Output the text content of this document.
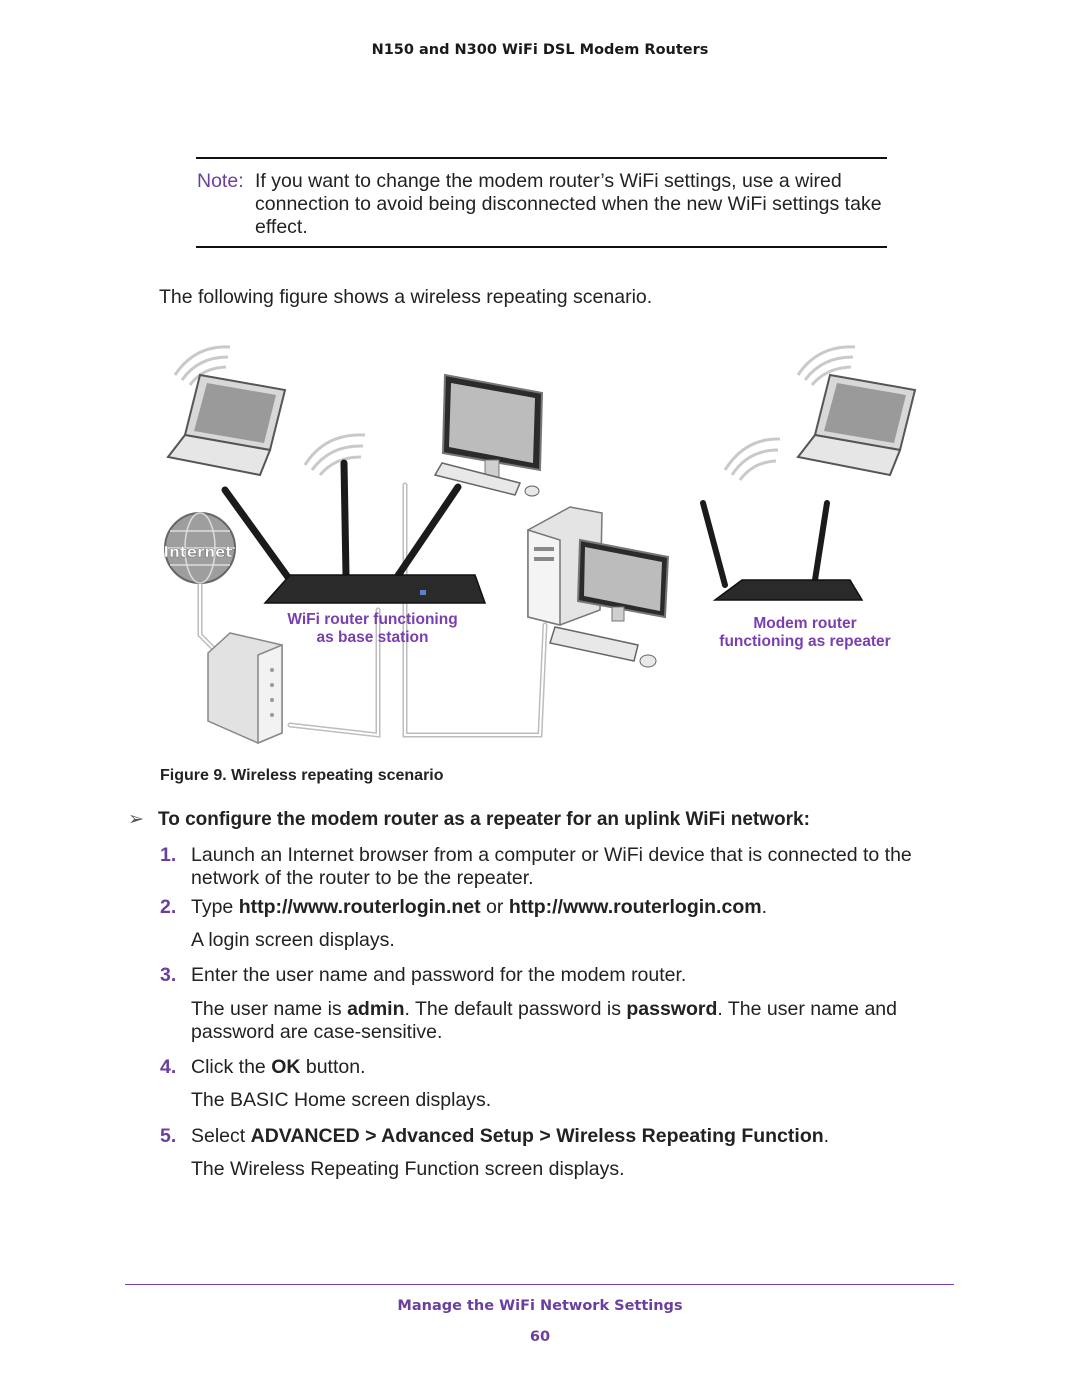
N150 and N300 WiFi DSL Modem Routers
Note: If you want to change the modem router’s WiFi settings, use a wired connection to avoid being disconnected when the new WiFi settings take effect.
The following figure shows a wireless repeating scenario.
Internet
WiFi router functioning
as base station
Modem router
functioning as repeater
Figure 9. Wireless repeating scenario
➢ To configure the modem router as a repeater for an uplink WiFi network:
1. Launch an Internet browser from a computer or WiFi device that is connected to the network of the router to be the repeater.
2. Type http://www.routerlogin.net or http://www.routerlogin.com.
A login screen displays.
3. Enter the user name and password for the modem router.
The user name is admin. The default password is password. The user name and password are case-sensitive.
4. Click the OK button.
The BASIC Home screen displays.
5. Select ADVANCED > Advanced Setup > Wireless Repeating Function.
The Wireless Repeating Function screen displays.
Manage the WiFi Network Settings
60
